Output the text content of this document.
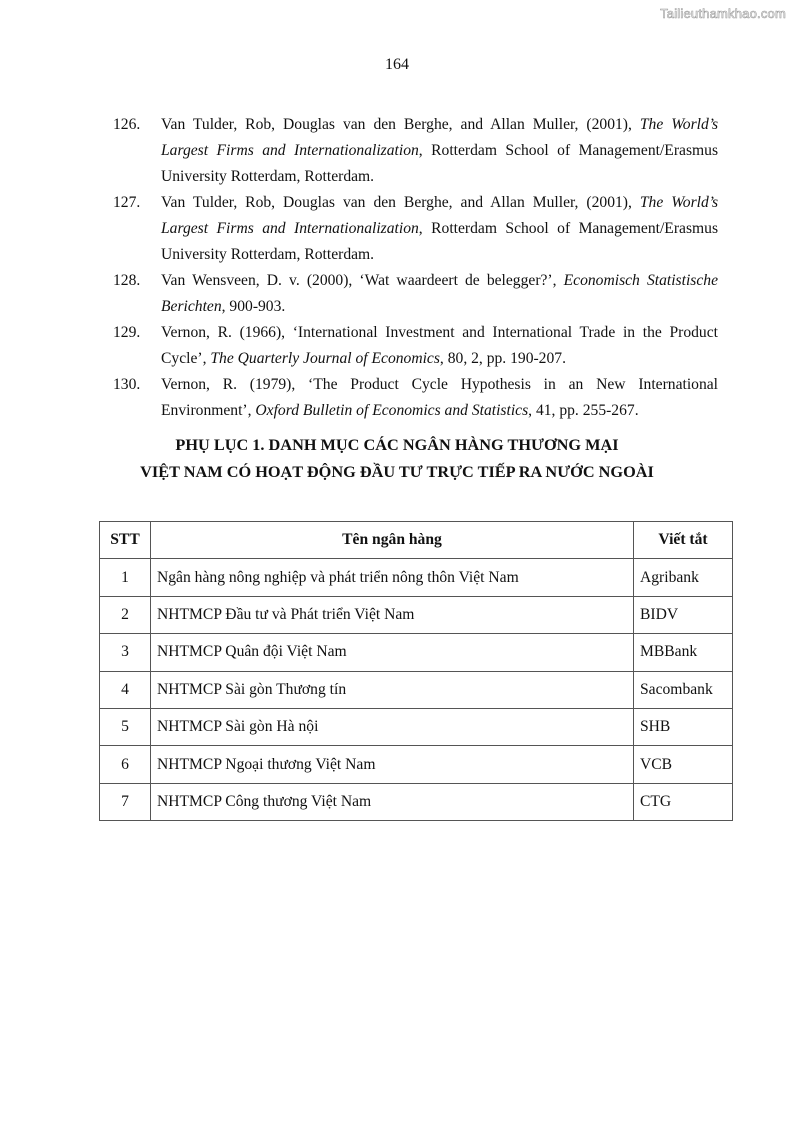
Tailieuthamkhao.com
164
126.	Van Tulder, Rob, Douglas van den Berghe, and Allan Muller, (2001), The World’s Largest Firms and Internationalization, Rotterdam School of Management/Erasmus University Rotterdam, Rotterdam.
127.	Van Tulder, Rob, Douglas van den Berghe, and Allan Muller, (2001), The World’s Largest Firms and Internationalization, Rotterdam School of Management/Erasmus University Rotterdam, Rotterdam.
128.	Van Wensveen, D. v. (2000), ‘Wat waardeert de belegger?’, Economisch Statistische Berichten, 900-903.
129.	Vernon, R. (1966), ‘International Investment and International Trade in the Product Cycle’, The Quarterly Journal of Economics, 80, 2, pp. 190-207.
130.	Vernon, R. (1979), ‘The Product Cycle Hypothesis in an New International Environment’, Oxford Bulletin of Economics and Statistics, 41, pp. 255-267.
PHỤ LỤC 1. DANH MỤC CÁC NGÂN HÀNG THƯƠNG MẠI
VIỆT NAM CÓ HOẠT ĐỘNG ĐẦU TƯ TRỰC TIẾP RA NƯỚC NGOÀI
STT	Tên ngân hàng	Viết tắt
1	Ngân hàng nông nghiệp và phát triển nông thôn Việt Nam	Agribank
2	NHTMCP Đầu tư và Phát triển Việt Nam	BIDV
3	NHTMCP Quân đội Việt Nam	MBBank
4	NHTMCP Sài gòn Thương tín	Sacombank
5	NHTMCP Sài gòn Hà nội	SHB
6	NHTMCP Ngoại thương Việt Nam	VCB
7	NHTMCP Công thương Việt Nam	CTG
